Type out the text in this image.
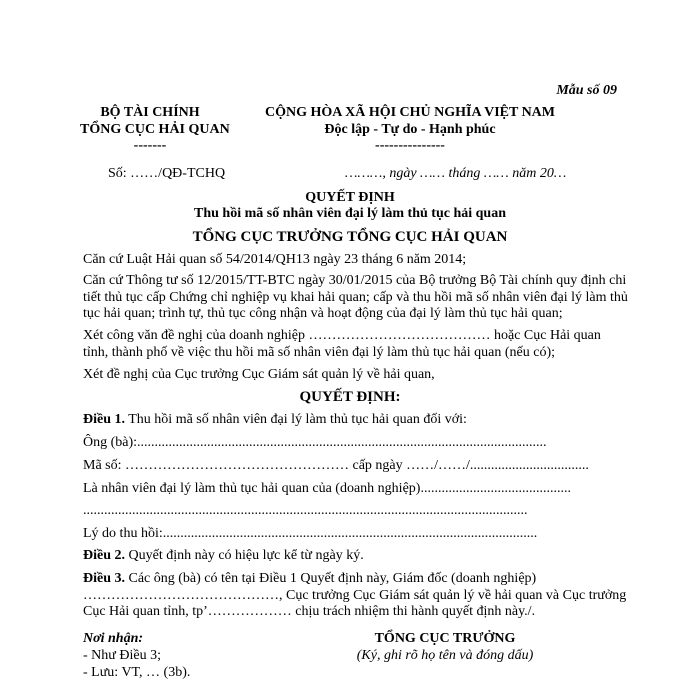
Mẫu số 09
BỘ TÀI CHÍNH
TỔNG CỤC HẢI QUAN
-------
CỘNG HÒA XÃ HỘI CHỦ NGHĨA VIỆT NAM
Độc lập - Tự do - Hạnh phúc
---------------
Số: ……/QĐ-TCHQ	………, ngày …… tháng …… năm 20…
QUYẾT ĐỊNH
Thu hồi mã số nhân viên đại lý làm thủ tục hải quan
TỔNG CỤC TRƯỞNG TỔNG CỤC HẢI QUAN
Căn cứ Luật Hải quan số 54/2014/QH13 ngày 23 tháng 6 năm 2014;
Căn cứ Thông tư số 12/2015/TT-BTC ngày 30/01/2015 của Bộ trưởng Bộ Tài chính quy định chi
tiết thủ tục cấp Chứng chỉ nghiệp vụ khai hải quan; cấp và thu hồi mã số nhân viên đại lý làm thủ
tục hải quan; trình tự, thủ tục công nhận và hoạt động của đại lý làm thủ tục hải quan;
Xét công văn đề nghị của doanh nghiệp ………………………………… hoặc Cục Hải quan
tỉnh, thành phố về việc thu hồi mã số nhân viên đại lý làm thủ tục hải quan (nếu có);
Xét đề nghị của Cục trưởng Cục Giám sát quản lý về hải quan,
QUYẾT ĐỊNH:
Điều 1. Thu hồi mã số nhân viên đại lý làm thủ tục hải quan đối với:
Ông (bà):.....................................................................................................................
Mã số: ………………………………………… cấp ngày ……/……/..................................
Là nhân viên đại lý làm thủ tục hải quan của (doanh nghiệp)...........................................
...............................................................................................................................
Lý do thu hồi:...........................................................................................................
Điều 2. Quyết định này có hiệu lực kể từ ngày ký.
Điều 3. Các ông (bà) có tên tại Điều 1 Quyết định này, Giám đốc (doanh nghiệp)
……………………………………, Cục trưởng Cục Giám sát quản lý về hải quan và Cục trưởng
Cục Hải quan tỉnh, tp’……………… chịu trách nhiệm thi hành quyết định này./.
Nơi nhận:
- Như Điều 3;
- Lưu: VT, … (3b).
TỔNG CỤC TRƯỞNG
(Ký, ghi rõ họ tên và đóng dấu)
